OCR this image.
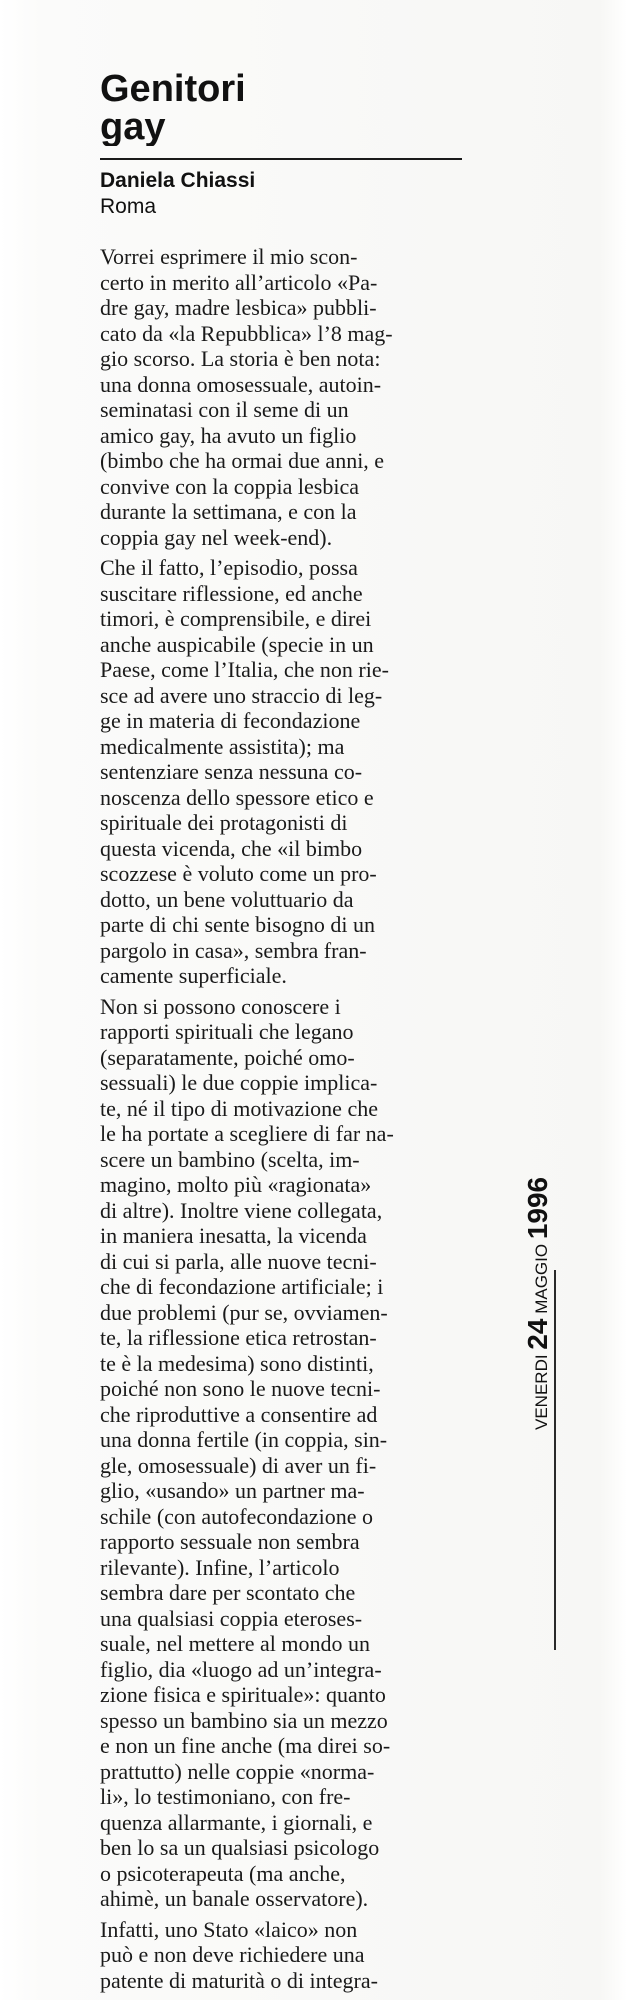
Genitori
gay
Daniela Chiassi
Roma
Vorrei esprimere il mio scon-
certo in merito all’articolo «Pa-
dre gay, madre lesbica» pubbli-
cato da «la Repubblica» l’8 mag-
gio scorso. La storia è ben nota:
una donna omosessuale, autoin-
seminatasi con il seme di un
amico gay, ha avuto un figlio
(bimbo che ha ormai due anni, e
convive con la coppia lesbica
durante la settimana, e con la
coppia gay nel week-end).
Che il fatto, l’episodio, possa
suscitare riflessione, ed anche
timori, è comprensibile, e direi
anche auspicabile (specie in un
Paese, come l’Italia, che non rie-
sce ad avere uno straccio di leg-
ge in materia di fecondazione
medicalmente assistita); ma
sentenziare senza nessuna co-
noscenza dello spessore etico e
spirituale dei protagonisti di
questa vicenda, che «il bimbo
scozzese è voluto come un pro-
dotto, un bene voluttuario da
parte di chi sente bisogno di un
pargolo in casa», sembra fran-
camente superficiale.
Non si possono conoscere i
rapporti spirituali che legano
(separatamente, poiché omo-
sessuali) le due coppie implica-
te, né il tipo di motivazione che
le ha portate a scegliere di far na-
scere un bambino (scelta, im-
magino, molto più «ragionata»
di altre). Inoltre viene collegata,
in maniera inesatta, la vicenda
di cui si parla, alle nuove tecni-
che di fecondazione artificiale; i
due problemi (pur se, ovviamen-
te, la riflessione etica retrostan-
te è la medesima) sono distinti,
poiché non sono le nuove tecni-
che riproduttive a consentire ad
una donna fertile (in coppia, sin-
gle, omosessuale) di aver un fi-
glio, «usando» un partner ma-
schile (con autofecondazione o
rapporto sessuale non sembra
rilevante). Infine, l’articolo
sembra dare per scontato che
una qualsiasi coppia eteroses-
suale, nel mettere al mondo un
figlio, dia «luogo ad un’integra-
zione fisica e spirituale»: quanto
spesso un bambino sia un mezzo
e non un fine anche (ma direi so-
prattutto) nelle coppie «norma-
li», lo testimoniano, con fre-
quenza allarmante, i giornali, e
ben lo sa un qualsiasi psicologo
o psicoterapeuta (ma anche,
ahimè, un banale osservatore).
Infatti, uno Stato «laico» non
può e non deve richiedere una
patente di maturità o di integra-
VENERDI 24 MAGGIO 1996
